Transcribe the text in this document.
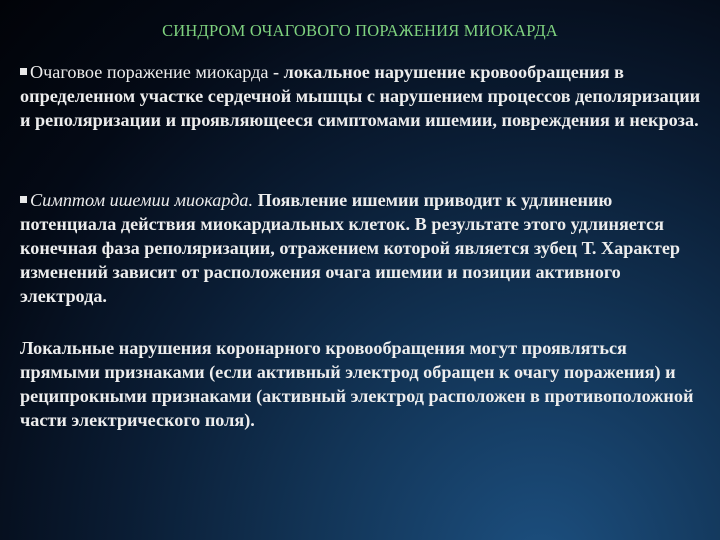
СИНДРОМ ОЧАГОВОГО ПОРАЖЕНИЯ МИОКАРДА

Очаговое поражение миокарда - локальное нарушение кровообращения в определенном участке сердечной мышцы с нарушением процессов деполяризации и реполяризации и проявляющееся симптомами ишемии, повреждения и некроза.

Симптом ишемии миокарда. Появление ишемии приводит к удлинению потенциала действия миокардиальных клеток. В результате этого удлиняется конечная фаза реполяризации, отражением которой является зубец Т. Характер изменений зависит от расположения очага ишемии и позиции активного электрода.

Локальные нарушения коронарного кровообращения могут проявляться прямыми признаками (если активный электрод обращен к очагу поражения) и реципрокными признаками (активный электрод расположен в противоположной части электрического поля).
